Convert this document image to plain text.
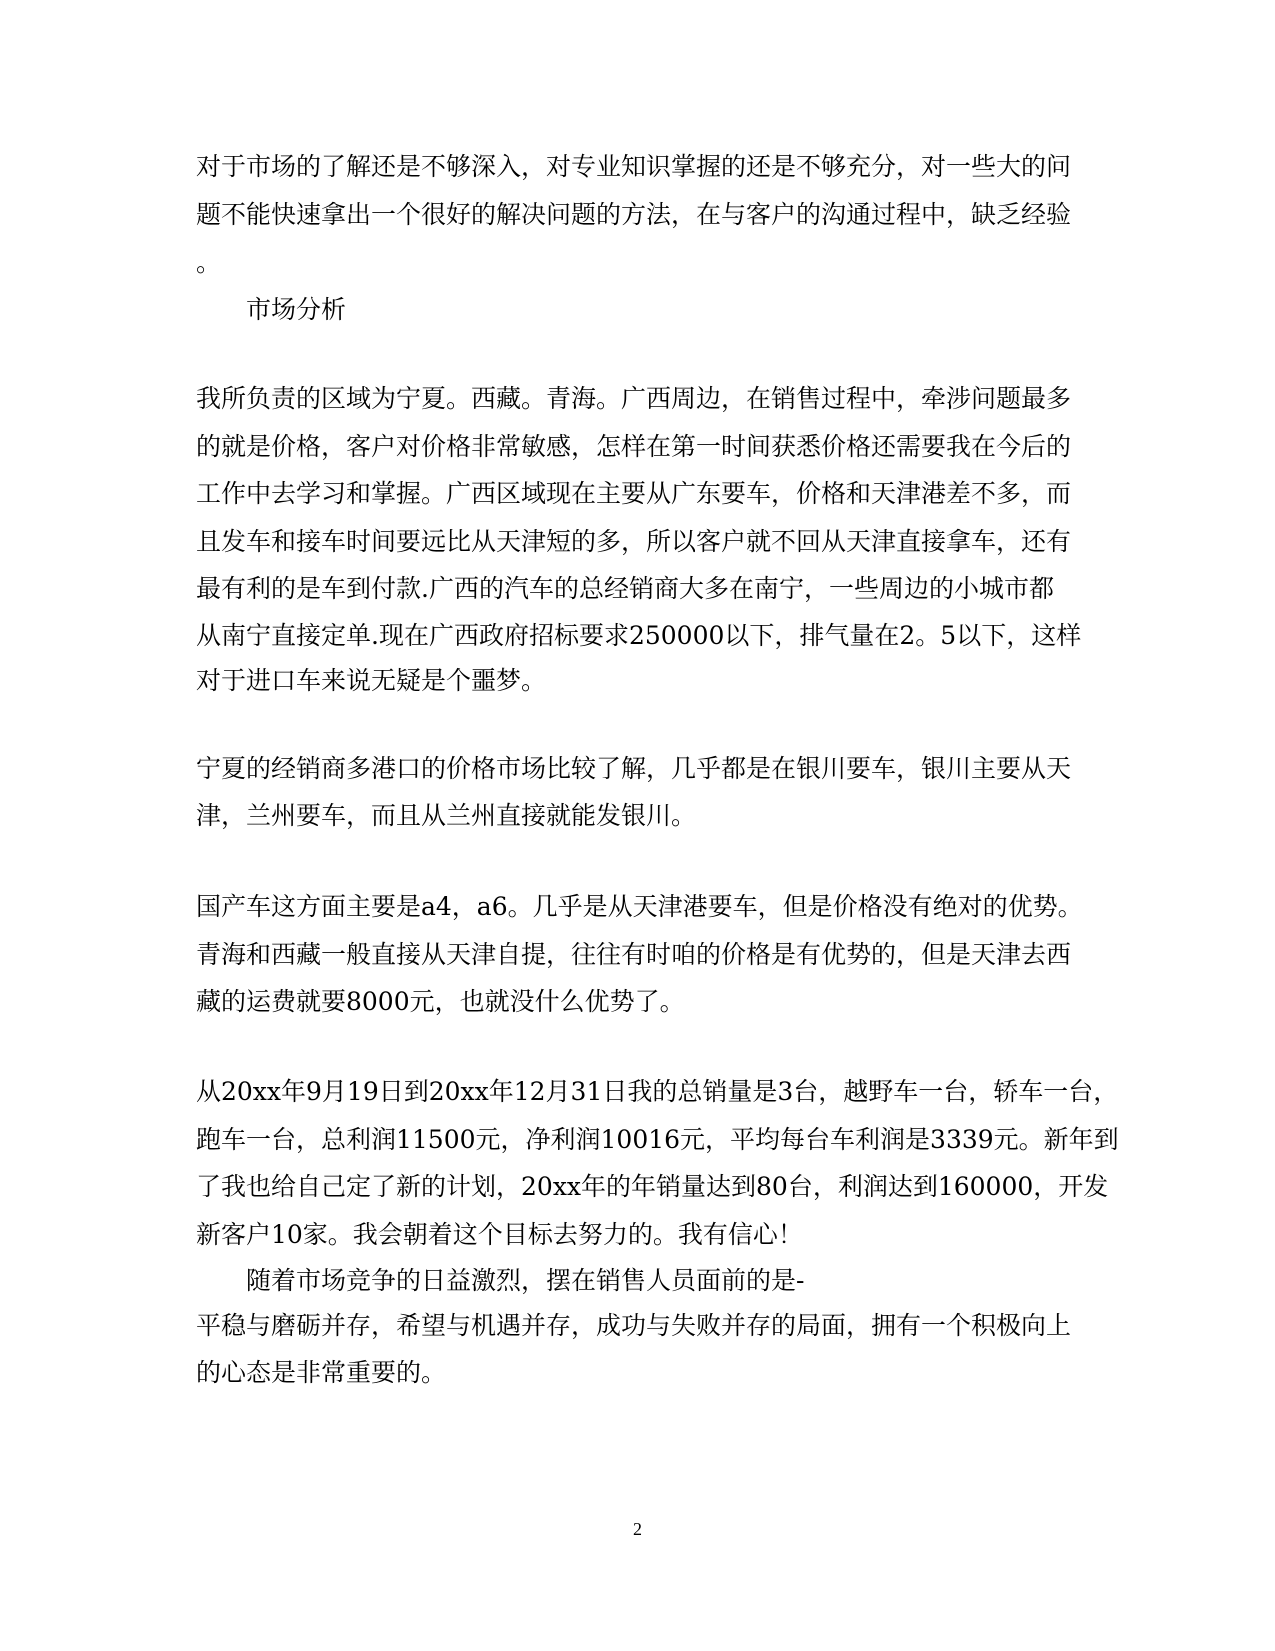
对于市场的了解还是不够深入，对专业知识掌握的还是不够充分，对一些大的问
题不能快速拿出一个很好的解决问题的方法，在与客户的沟通过程中，缺乏经验
。
市场分析
我所负责的区域为宁夏。西藏。青海。广西周边，在销售过程中，牵涉问题最多
的就是价格，客户对价格非常敏感，怎样在第一时间获悉价格还需要我在今后的
工作中去学习和掌握。广西区域现在主要从广东要车，价格和天津港差不多，而
且发车和接车时间要远比从天津短的多，所以客户就不回从天津直接拿车，还有
最有利的是车到付款.广西的汽车的总经销商大多在南宁，一些周边的小城市都
从南宁直接定单.现在广西政府招标要求250000以下，排气量在2。5以下，这样
对于进口车来说无疑是个噩梦。
宁夏的经销商多港口的价格市场比较了解，几乎都是在银川要车，银川主要从天
津，兰州要车，而且从兰州直接就能发银川。
国产车这方面主要是a4，a6。几乎是从天津港要车，但是价格没有绝对的优势。
青海和西藏一般直接从天津自提，往往有时咱的价格是有优势的，但是天津去西
藏的运费就要8000元，也就没什么优势了。
从20xx年9月19日到20xx年12月31日我的总销量是3台，越野车一台，轿车一台，
跑车一台，总利润11500元，净利润10016元，平均每台车利润是3339元。新年到
了我也给自己定了新的计划，20xx年的年销量达到80台，利润达到160000，开发
新客户10家。我会朝着这个目标去努力的。我有信心！
随着市场竞争的日益激烈，摆在销售人员面前的是-
平稳与磨砺并存，希望与机遇并存，成功与失败并存的局面，拥有一个积极向上
的心态是非常重要的。
2
